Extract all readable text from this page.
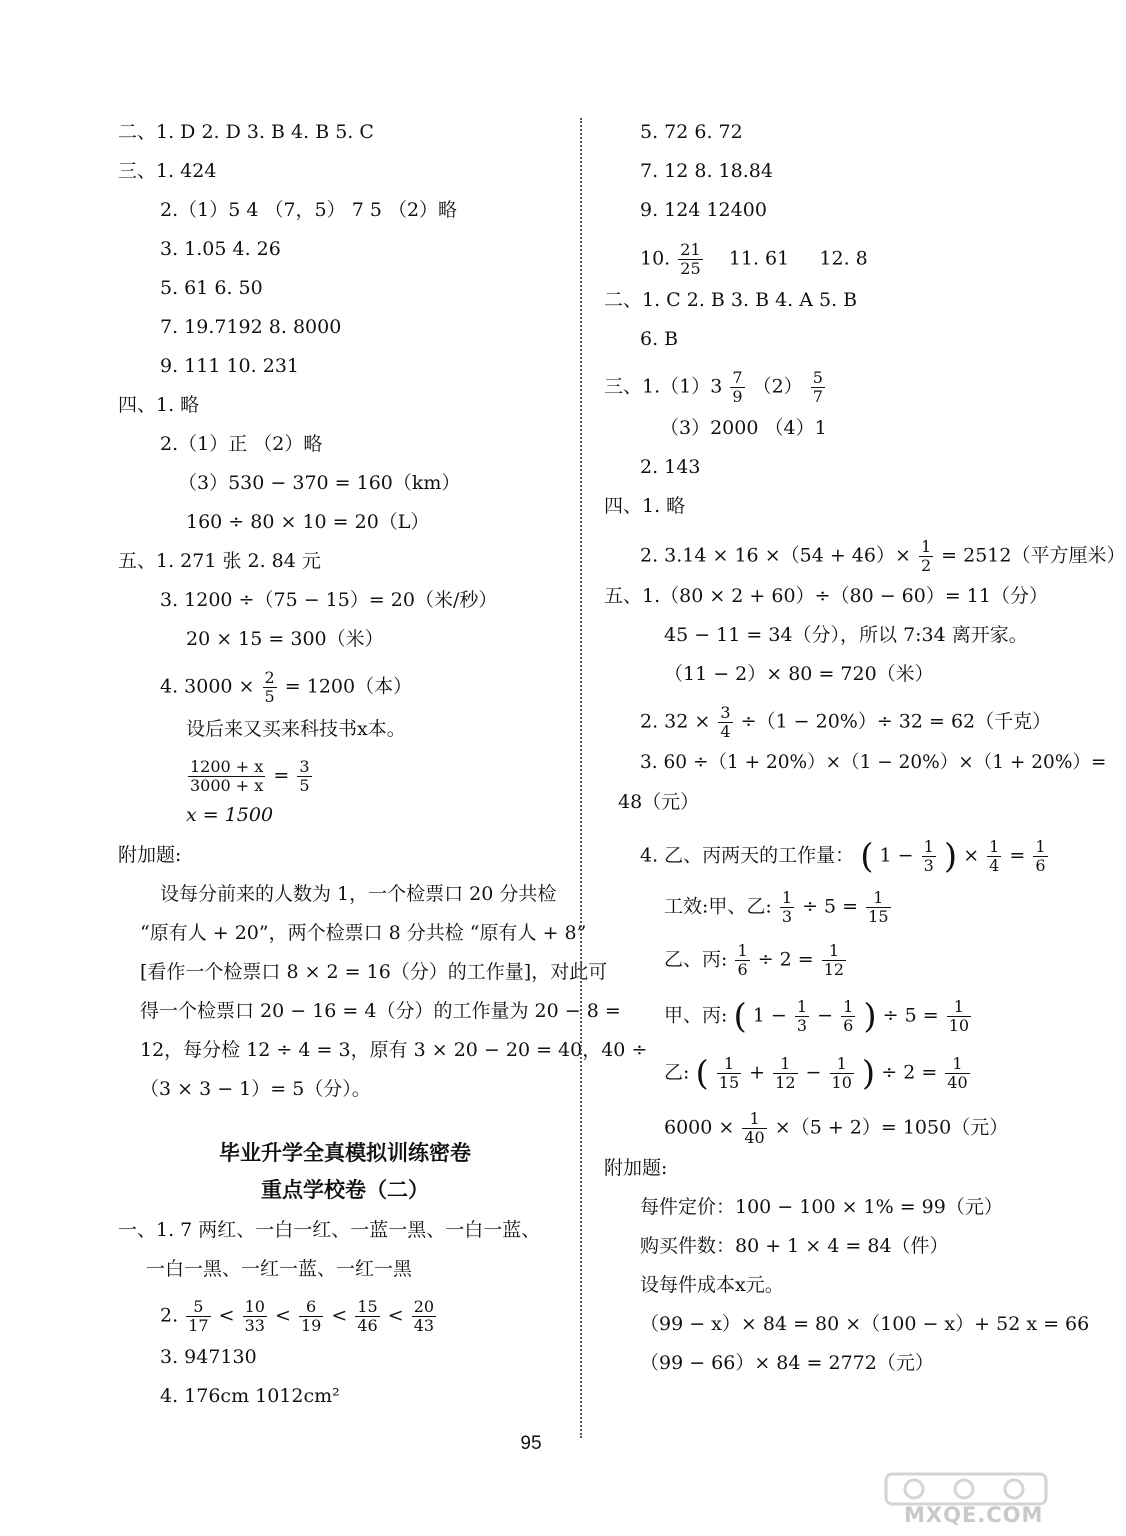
二、1. D 2. D 3. B 4. B 5. C
三、1. 424
2.（1）5 4 （7，5） 7 5 （2）略
3. 1.05 4. 26
5. 61 6. 50
7. 19.7192 8. 8000
9. 111 10. 231
四、1. 略
2.（1）正 （2）略
（3）530 − 370 = 160（km）
160 ÷ 80 × 10 = 20（L）
五、1. 271 张 2. 84 元
3. 1200 ÷（75 − 15）= 20（米/秒）
20 × 15 = 300（米）
4. $3000 \times \frac{2}{5} = 1200$（本）
设后来又买来科技书x本。
$\frac{1200 + x}{3000 + x} = \frac{3}{5}$
x = 1500
附加题:
设每分前来的人数为 1，一个检票口 20 分共检
“原有人 + 20”，两个检票口 8 分共检 “原有人 + 8”
[看作一个检票口 8 × 2 = 16（分）的工作量]，对此可
得一个检票口 20 − 16 = 4（分）的工作量为 20 − 8 =
12，每分检 12 ÷ 4 = 3，原有 3 × 20 − 20 = 40，40 ÷
（3 × 3 − 1）= 5（分）。
毕业升学全真模拟训练密卷
重点学校卷（二）
一、1. 7 两红、一白一红、一蓝一黑、一白一蓝、
一白一黑、一红一蓝、一红一黑
2. $\frac{5}{17} < \frac{10}{33} < \frac{6}{19} < \frac{15}{46} < \frac{20}{43}$
3. 947130
4. 176cm 1012cm²
5. 72 6. 72
7. 12 8. 18.84
9. 124 12400
10. $\frac{21}{25} 11$. 61     12. 8
二、1. C 2. B 3. B 4. A 5. B
6. B
三、$1.(1)3 \frac{7}{9} (2) \frac{5}{7}$
（3）2000 （4）1
2. 143
四、1. 略
2. $3.14 \times 16 \times(54 + 46)\times \frac{1}{2} = 2512$（平方厘米）
五、1.（80 × 2 + 60）÷（80 − 60）= 11（分）
45 − 11 = 34（分），所以 7:34 离开家。
（11 − 2）× 80 = 720（米）
2. $32 \times \frac{3}{4} \div(1 - 20\%)\div 32 = 62$（千克）
3. 60 ÷（1 + 20%）×（1 − 20%）×（1 + 20%）=
48（元）
4. 乙、丙两天的工作量： ( $1 - \frac{1}{3}$ ) × $\frac{1}{4} = \frac{1}{6}$
工效:甲、乙: $\frac{1}{3} \div 5 = \frac{1}{15}$
乙、丙: $\frac{1}{6} \div 2 = \frac{1}{12}$
甲、丙: ( $1 - \frac{1}{3} - \frac{1}{6}$ ) ÷ $5 = \frac{1}{10}$
乙: ( $\frac{1}{15} + \frac{1}{12} - \frac{1}{10}$ ) ÷ $2 = \frac{1}{40}$
$6000 \times \frac{1}{40} \times(5 + 2)= 1050$（元）
附加题:
每件定价：100 − 100 × 1% = 99（元）
购买件数：80 + 1 × 4 = 84（件）
设每件成本x元。
（99 − x）× 84 = 80 ×（100 − x）+ 52 x = 66
（99 − 66）× 84 = 2772（元）
95
MXQE.COM
